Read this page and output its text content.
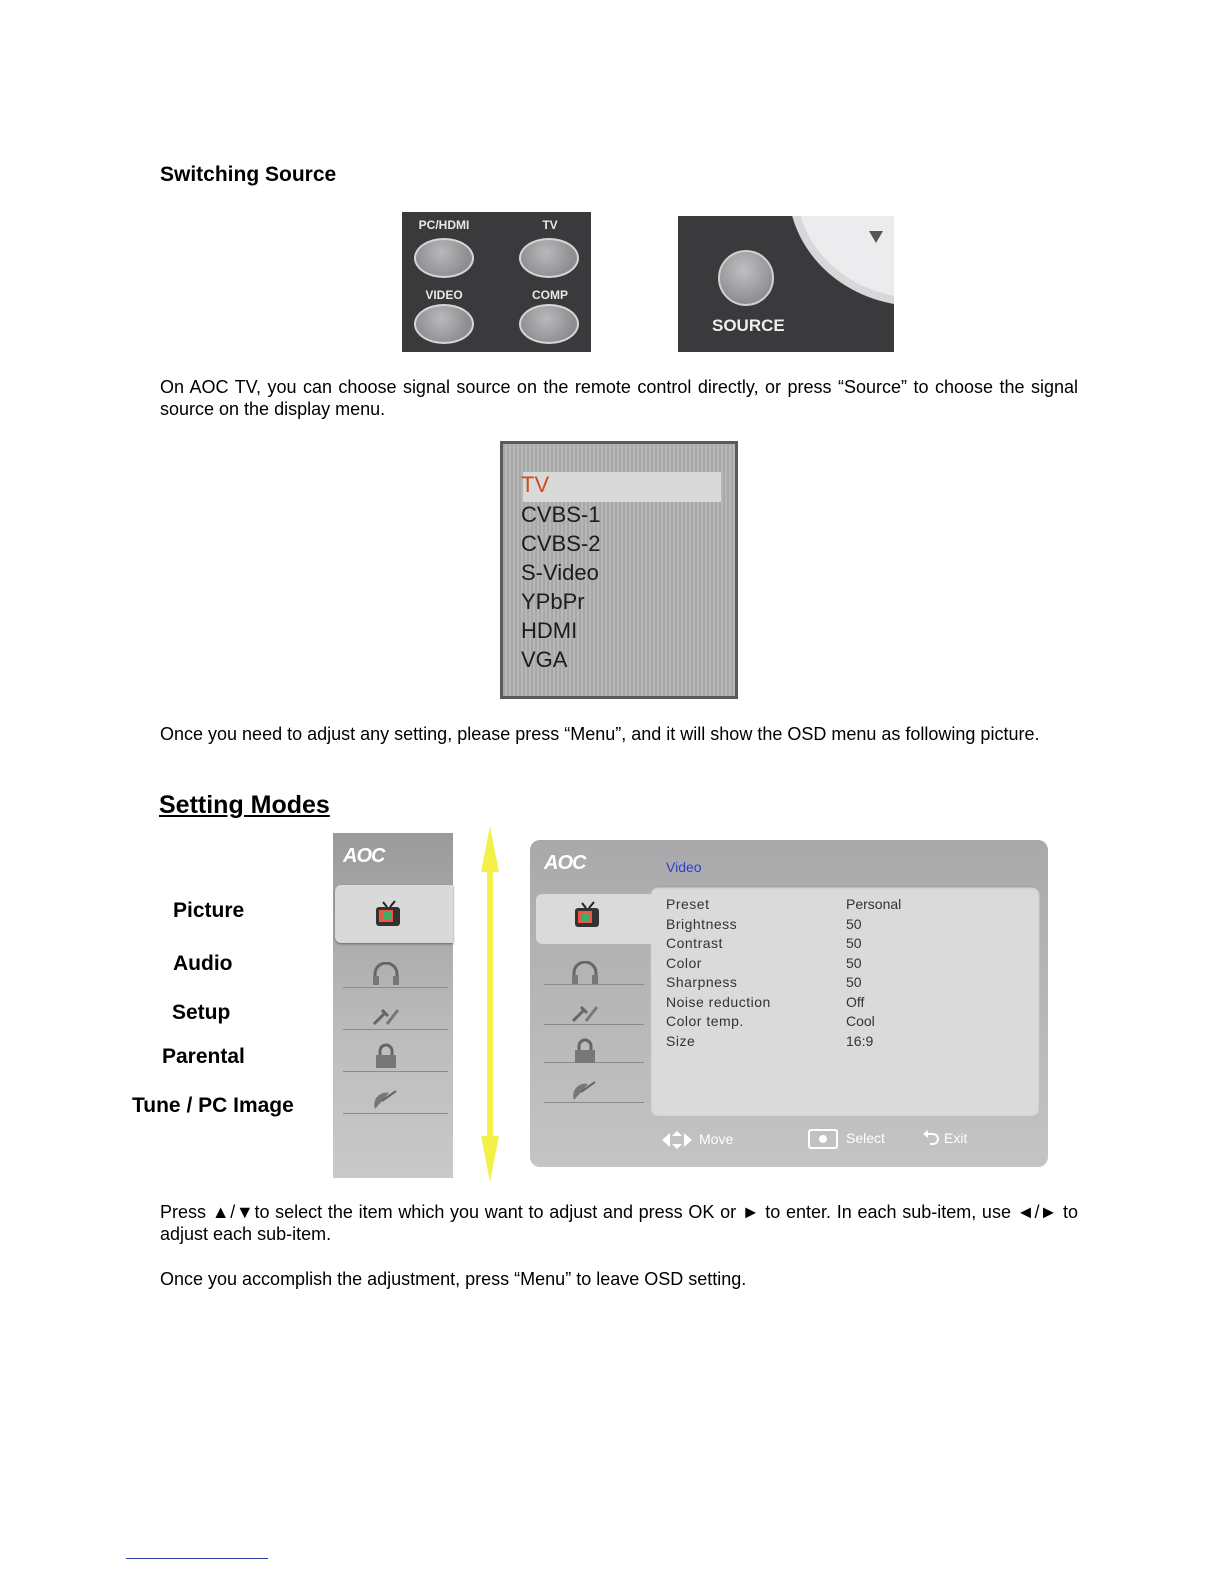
Switching Source
PC/HDMI	TV
VIDEO	COMP
SOURCE

On AOC TV, you can choose signal source on the remote control directly, or press “Source” to choose the signal source on the display menu.

TV
CVBS-1
CVBS-2
S-Video
YPbPr
HDMI
VGA

Once you need to adjust any setting, please press “Menu”, and it will show the OSD menu as following picture.

Setting Modes
Picture
Audio
Setup
Parental
Tune / PC Image
AOC	AOC	Video
Preset	Personal
Brightness	50
Contrast	50
Color	50
Sharpness	50
Noise reduction	Off
Color temp.	Cool
Size	16:9
Move	Select	Exit

Press ▲/▼to select the item which you want to adjust and press OK or ► to enter. In each sub-item, use ◄/► to adjust each sub-item.

Once you accomplish the adjustment, press “Menu” to leave OSD setting.
